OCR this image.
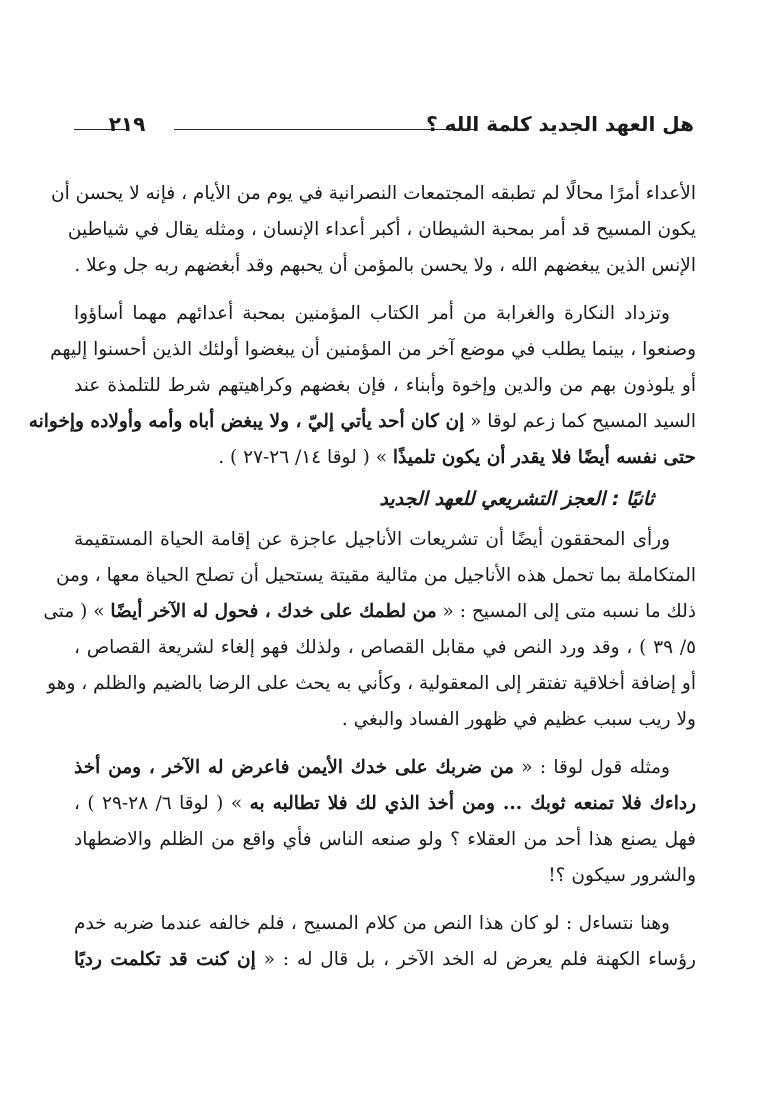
هل العهد الجديد كلمة الله ؟
٢١٩
الأعداء أمرًا محالًا لم تطبقه المجتمعات النصرانية في يوم من الأيام ، فإنه لا يحسن أن
يكون المسيح قد أمر بمحبة الشيطان ، أكبر أعداء الإنسان ، ومثله يقال في شياطين
الإنس الذين يبغضهم الله ، ولا يحسن بالمؤمن أن يحبهم وقد أبغضهم ربه جل وعلا .
وتزداد النكارة والغرابة من أمر الكتاب المؤمنين بمحبة أعدائهم مهما أساؤوا
وصنعوا ، بينما يطلب في موضع آخر من المؤمنين أن يبغضوا أولئك الذين أحسنوا إليهم
أو يلوذون بهم من والدين وإخوة وأبناء ، فإن بغضهم وكراهيتهم شرط للتلمذة عند
السيد المسيح كما زعم لوقا « إن كان أحد يأتي إليّ ، ولا يبغض أباه وأمه وأولاده وإخوانه
حتى نفسه أيضًا فلا يقدر أن يكون تلميذًا » ( لوقا ١٤/ ٢٦-٢٧ ) .
ثانيًا : العجز التشريعي للعهد الجديد
ورأى المحققون أيضًا أن تشريعات الأناجيل عاجزة عن إقامة الحياة المستقيمة
المتكاملة بما تحمل هذه الأناجيل من مثالية مقيتة يستحيل أن تصلح الحياة معها ، ومن
ذلك ما نسبه متى إلى المسيح : « من لطمك على خدك ، فحول له الآخر أيضًا » ( متى
٥/ ٣٩ ) ، وقد ورد النص في مقابل القصاص ، ولذلك فهو إلغاء لشريعة القصاص ،
أو إضافة أخلاقية تفتقر إلى المعقولية ، وكأني به يحث على الرضا بالضيم والظلم ، وهو
ولا ريب سبب عظيم في ظهور الفساد والبغي .
ومثله قول لوقا : « من ضربك على خدك الأيمن فاعرض له الآخر ، ومن أخذ
رداءك فلا تمنعه ثوبك ... ومن أخذ الذي لك فلا تطالبه به » ( لوقا ٦/ ٢٨-٢٩ ) ،
فهل يصنع هذا أحد من العقلاء ؟ ولو صنعه الناس فأي واقع من الظلم والاضطهاد
والشرور سيكون ؟!
وهنا نتساءل : لو كان هذا النص من كلام المسيح ، فلم خالفه عندما ضربه خدم
رؤساء الكهنة فلم يعرض له الخد الآخر ، بل قال له : « إن كنت قد تكلمت رديًا
